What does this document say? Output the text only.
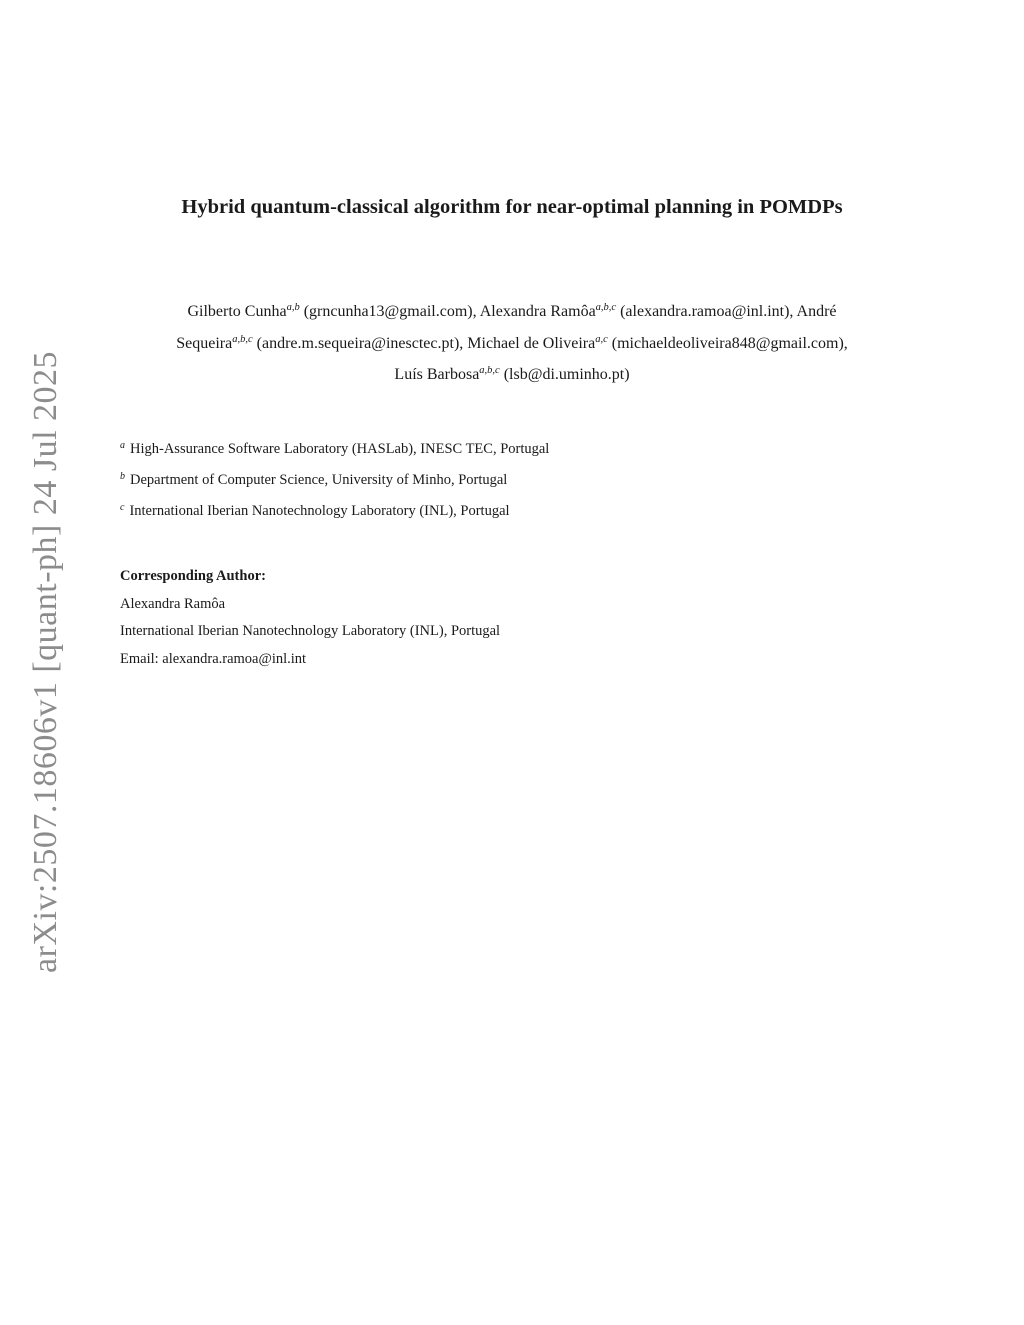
arXiv:2507.18606v1 [quant-ph] 24 Jul 2025
Hybrid quantum-classical algorithm for near-optimal planning in POMDPs
Gilberto Cunha$^{a,b}$ (grncunha13@gmail.com), Alexandra Ramôa$^{a,b,c}$ (alexandra.ramoa@inl.int), André
Sequeira$^{a,b,c}$ (andre.m.sequeira@inesctec.pt), Michael de Oliveira$^{a,c}$ (michaeldeoliveira848@gmail.com),
Luís Barbosa$^{a,b,c}$ (lsb@di.uminho.pt)
$^a$ High-Assurance Software Laboratory (HASLab), INESC TEC, Portugal
$^b$ Department of Computer Science, University of Minho, Portugal
$^c$ International Iberian Nanotechnology Laboratory (INL), Portugal
Corresponding Author:
Alexandra Ramôa
International Iberian Nanotechnology Laboratory (INL), Portugal
Email: alexandra.ramoa@inl.int
